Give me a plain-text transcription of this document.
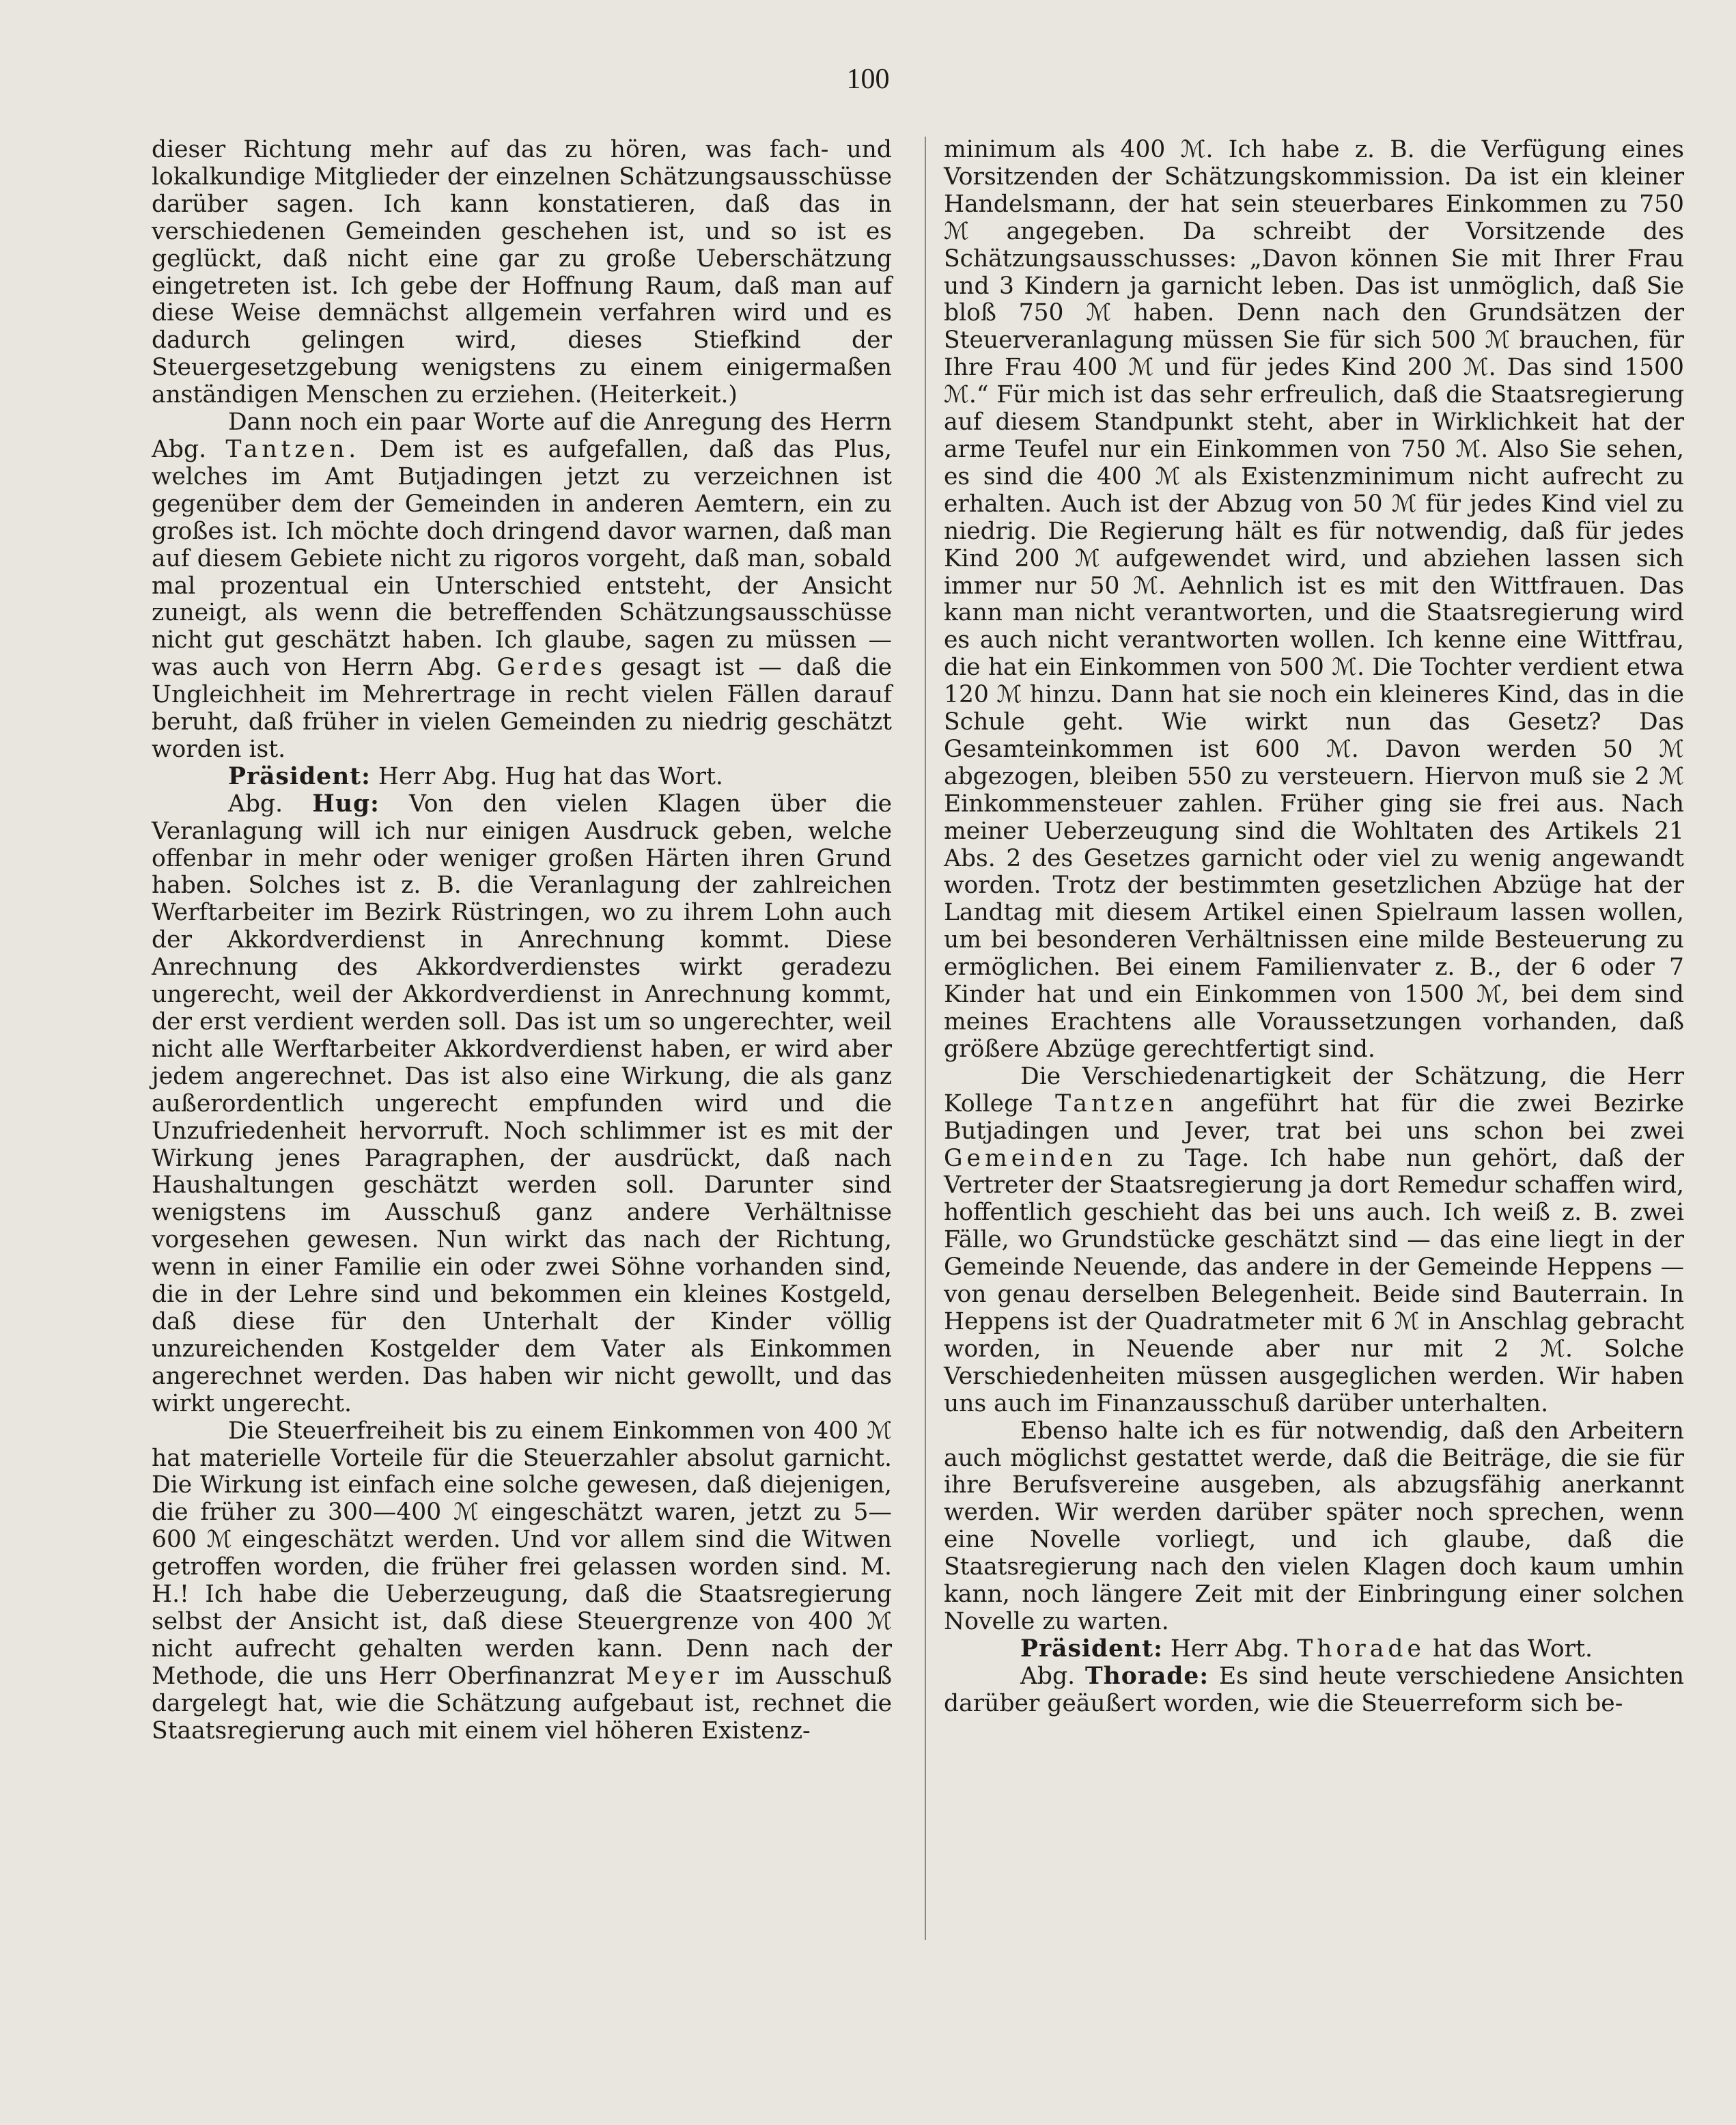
100

dieser Richtung mehr auf das zu hören, was fach- und lokalkundige Mitglieder der einzelnen Schätzungsausschüsse darüber sagen. Ich kann konstatieren, daß das in verschiedenen Gemeinden geschehen ist, und so ist es geglückt, daß nicht eine gar zu große Ueberschätzung eingetreten ist. Ich gebe der Hoffnung Raum, daß man auf diese Weise demnächst allgemein verfahren wird und es dadurch gelingen wird, dieses Stiefkind der Steuergesetzgebung wenigstens zu einem einigermaßen anständigen Menschen zu erziehen. (Heiterkeit.)

Dann noch ein paar Worte auf die Anregung des Herrn Abg. Tantzen. Dem ist es aufgefallen, daß das Plus, welches im Amt Butjadingen jetzt zu verzeichnen ist gegenüber dem der Gemeinden in anderen Aemtern, ein zu großes ist. Ich möchte doch dringend davor warnen, daß man auf diesem Gebiete nicht zu rigoros vorgeht, daß man, sobald mal prozentual ein Unterschied entsteht, der Ansicht zuneigt, als wenn die betreffenden Schätzungsausschüsse nicht gut geschätzt haben. Ich glaube, sagen zu müssen — was auch von Herrn Abg. Gerdes gesagt ist — daß die Ungleichheit im Mehrertrage in recht vielen Fällen darauf beruht, daß früher in vielen Gemeinden zu niedrig geschätzt worden ist.

Präsident: Herr Abg. Hug hat das Wort.

Abg. Hug: Von den vielen Klagen über die Veranlagung will ich nur einigen Ausdruck geben, welche offenbar in mehr oder weniger großen Härten ihren Grund haben. Solches ist z. B. die Veranlagung der zahlreichen Werftarbeiter im Bezirk Rüstringen, wo zu ihrem Lohn auch der Akkordverdienst in Anrechnung kommt. Diese Anrechnung des Akkordverdienstes wirkt geradezu ungerecht, weil der Akkordverdienst in Anrechnung kommt, der erst verdient werden soll. Das ist um so ungerechter, weil nicht alle Werftarbeiter Akkordverdienst haben, er wird aber jedem angerechnet. Das ist also eine Wirkung, die als ganz außerordentlich ungerecht empfunden wird und die Unzufriedenheit hervorruft. Noch schlimmer ist es mit der Wirkung jenes Paragraphen, der ausdrückt, daß nach Haushaltungen geschätzt werden soll. Darunter sind wenigstens im Ausschuß ganz andere Verhältnisse vorgesehen gewesen. Nun wirkt das nach der Richtung, wenn in einer Familie ein oder zwei Söhne vorhanden sind, die in der Lehre sind und bekommen ein kleines Kostgeld, daß diese für den Unterhalt der Kinder völlig unzureichenden Kostgelder dem Vater als Einkommen angerechnet werden. Das haben wir nicht gewollt, und das wirkt ungerecht.

Die Steuerfreiheit bis zu einem Einkommen von 400 ℳ hat materielle Vorteile für die Steuerzahler absolut garnicht. Die Wirkung ist einfach eine solche gewesen, daß diejenigen, die früher zu 300—400 ℳ eingeschätzt waren, jetzt zu 5—600 ℳ eingeschätzt werden. Und vor allem sind die Witwen getroffen worden, die früher frei gelassen worden sind. M. H.! Ich habe die Ueberzeugung, daß die Staatsregierung selbst der Ansicht ist, daß diese Steuergrenze von 400 ℳ nicht aufrecht gehalten werden kann. Denn nach der Methode, die uns Herr Oberfinanzrat Meyer im Ausschuß dargelegt hat, wie die Schätzung aufgebaut ist, rechnet die Staatsregierung auch mit einem viel höheren Existenz-

minimum als 400 ℳ. Ich habe z. B. die Verfügung eines Vorsitzenden der Schätzungskommission. Da ist ein kleiner Handelsmann, der hat sein steuerbares Einkommen zu 750 ℳ angegeben. Da schreibt der Vorsitzende des Schätzungsausschusses: „Davon können Sie mit Ihrer Frau und 3 Kindern ja garnicht leben. Das ist unmöglich, daß Sie bloß 750 ℳ haben. Denn nach den Grundsätzen der Steuerveranlagung müssen Sie für sich 500 ℳ brauchen, für Ihre Frau 400 ℳ und für jedes Kind 200 ℳ. Das sind 1500 ℳ.“ Für mich ist das sehr erfreulich, daß die Staatsregierung auf diesem Standpunkt steht, aber in Wirklichkeit hat der arme Teufel nur ein Einkommen von 750 ℳ. Also Sie sehen, es sind die 400 ℳ als Existenzminimum nicht aufrecht zu erhalten. Auch ist der Abzug von 50 ℳ für jedes Kind viel zu niedrig. Die Regierung hält es für notwendig, daß für jedes Kind 200 ℳ aufgewendet wird, und abziehen lassen sich immer nur 50 ℳ. Aehnlich ist es mit den Wittfrauen. Das kann man nicht verantworten, und die Staatsregierung wird es auch nicht verantworten wollen. Ich kenne eine Wittfrau, die hat ein Einkommen von 500 ℳ. Die Tochter verdient etwa 120 ℳ hinzu. Dann hat sie noch ein kleineres Kind, das in die Schule geht. Wie wirkt nun das Gesetz? Das Gesamteinkommen ist 600 ℳ. Davon werden 50 ℳ abgezogen, bleiben 550 zu versteuern. Hiervon muß sie 2 ℳ Einkommensteuer zahlen. Früher ging sie frei aus. Nach meiner Ueberzeugung sind die Wohltaten des Artikels 21 Abs. 2 des Gesetzes garnicht oder viel zu wenig angewandt worden. Trotz der bestimmten gesetzlichen Abzüge hat der Landtag mit diesem Artikel einen Spielraum lassen wollen, um bei besonderen Verhältnissen eine milde Besteuerung zu ermöglichen. Bei einem Familienvater z. B., der 6 oder 7 Kinder hat und ein Einkommen von 1500 ℳ, bei dem sind meines Erachtens alle Voraussetzungen vorhanden, daß größere Abzüge gerechtfertigt sind.

Die Verschiedenartigkeit der Schätzung, die Herr Kollege Tantzen angeführt hat für die zwei Bezirke Butjadingen und Jever, trat bei uns schon bei zwei Gemeinden zu Tage. Ich habe nun gehört, daß der Vertreter der Staatsregierung ja dort Remedur schaffen wird, hoffentlich geschieht das bei uns auch. Ich weiß z. B. zwei Fälle, wo Grundstücke geschätzt sind — das eine liegt in der Gemeinde Neuende, das andere in der Gemeinde Heppens — von genau derselben Belegenheit. Beide sind Bauterrain. In Heppens ist der Quadratmeter mit 6 ℳ in Anschlag gebracht worden, in Neuende aber nur mit 2 ℳ. Solche Verschiedenheiten müssen ausgeglichen werden. Wir haben uns auch im Finanzausschuß darüber unterhalten.

Ebenso halte ich es für notwendig, daß den Arbeitern auch möglichst gestattet werde, daß die Beiträge, die sie für ihre Berufsvereine ausgeben, als abzugsfähig anerkannt werden. Wir werden darüber später noch sprechen, wenn eine Novelle vorliegt, und ich glaube, daß die Staatsregierung nach den vielen Klagen doch kaum umhin kann, noch längere Zeit mit der Einbringung einer solchen Novelle zu warten.

Präsident: Herr Abg. Thorade hat das Wort.

Abg. Thorade: Es sind heute verschiedene Ansichten darüber geäußert worden, wie die Steuerreform sich be-
